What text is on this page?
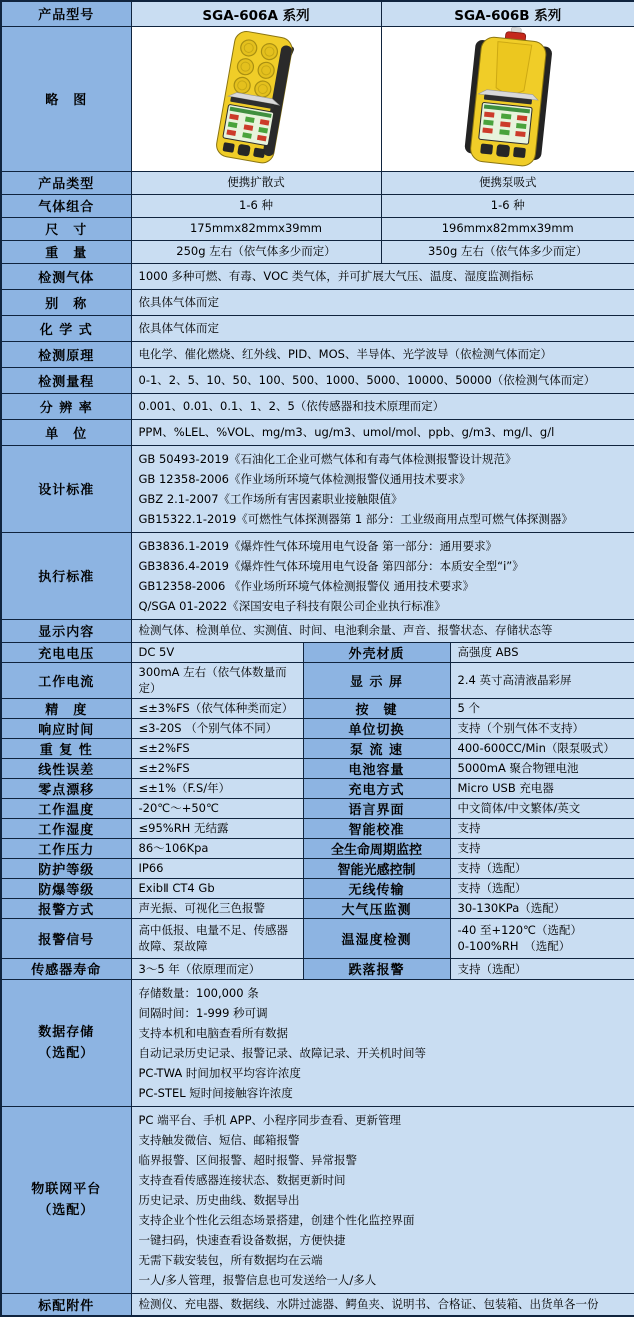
产品型号	SGA-606A 系列		SGA-606B 系列	
略　图	

产品类型	便携扩散式		便携泵吸式	
气体组合	1-6 种		1-6 种	
尺　寸	175mmx82mmx39mm		196mmx82mmx39mm	
重　量	250g 左右（依气体多少而定）		350g 左右（依气体多少而定）	
检测气体	1000 多种可燃、有毒、VOC 类气体，并可扩展大气压、温度、湿度监测指标			
别　称	依具体气体而定			
化 学 式	依具体气体而定			
检测原理	电化学、催化燃烧、红外线、PID、MOS、半导体、光学波导（依检测气体而定）			
检测量程	0-1、2、5、10、50、100、500、1000、5000、10000、50000（依检测气体而定）			
分 辨 率	0.001、0.01、0.1、1、2、5（依传感器和技术原理而定）			
单　位	PPM、%LEL、%VOL、mg/m3、ug/m3、umol/mol、ppb、g/m3、mg/l、g/l			
设计标准	GB 50493-2019《石油化工企业可燃气体和有毒气体检测报警设计规范》
GB 12358-2006《作业场所环境气体检测报警仪通用技术要求》
GBZ 2.1-2007《工作场所有害因素职业接触限值》
GB15322.1-2019《可燃性气体探测器第 1 部分：工业级商用点型可燃气体探测器》			

执行标准	GB3836.1-2019《爆炸性气体环境用电气设备 第一部分：通用要求》
GB3836.4-2019《爆炸性气体环境用电气设备 第四部分：本质安全型“i”》
GB12358-2006 《作业场所环境气体检测报警仪 通用技术要求》
Q/SGA 01-2022《深国安电子科技有限公司企业执行标准》			

显示内容	检测气体、检测单位、实测值、时间、电池剩余量、声音、报警状态、存储状态等			
充电电压	DC 5V	外壳材质		高强度 ABS
工作电流	300mA 左右（依气体数量而定）	显 示 屏		2.4 英寸高清液晶彩屏
精　度	≤±3%FS（依气体种类而定）	按　键		5 个
响应时间	≤3-20S （个别气体不同）	单位切换		支持（个别气体不支持）
重 复 性	≤±2%FS	泵 流 速		400-600CC/Min（限泵吸式）
线性误差	≤±2%FS	电池容量		5000mA 聚合物锂电池
零点漂移	≤±1%（F.S/年）	充电方式		Micro USB 充电器
工作温度	-20℃～+50℃	语言界面		中文简体/中文繁体/英文
工作湿度	≤95%RH 无结露	智能校准		支持
工作压力	86～106Kpa	全生命周期监控		支持
防护等级	IP66	智能光感控制		支持（选配）
防爆等级	ExibⅡ CT4 Gb	无线传输		支持（选配）
报警方式	声光振、可视化三色报警	大气压监测		30-130KPa（选配）
报警信号	高中低报、电量不足、传感器故障、泵故障	温湿度检测		-40 至+120℃（选配）
0-100%RH　（选配）

传感器寿命	3～5 年（依原理而定）	跌落报警		支持（选配）

数据存储
（选配）

存储数量：100,000 条
间隔时间：1-999 秒可调
支持本机和电脑查看所有数据
自动记录历史记录、报警记录、故障记录、开关机时间等
PC-TWA 时间加权平均容许浓度
PC-STEL 短时间接触容许浓度

物联网平台
（选配）

PC 端平台、手机 APP、小程序同步查看、更新管理
支持触发微信、短信、邮箱报警
临界报警、区间报警、超时报警、异常报警
支持查看传感器连接状态、数据更新时间
历史记录、历史曲线、数据导出
支持企业个性化云组态场景搭建，创建个性化监控界面
一键扫码，快速查看设备数据，方便快捷
无需下载安装包，所有数据均在云端
一人/多人管理，报警信息也可发送给一人/多人

标配附件	检测仪、充电器、数据线、水阱过滤器、鳄鱼夹、说明书、合格证、包装箱、出货单各一份			
